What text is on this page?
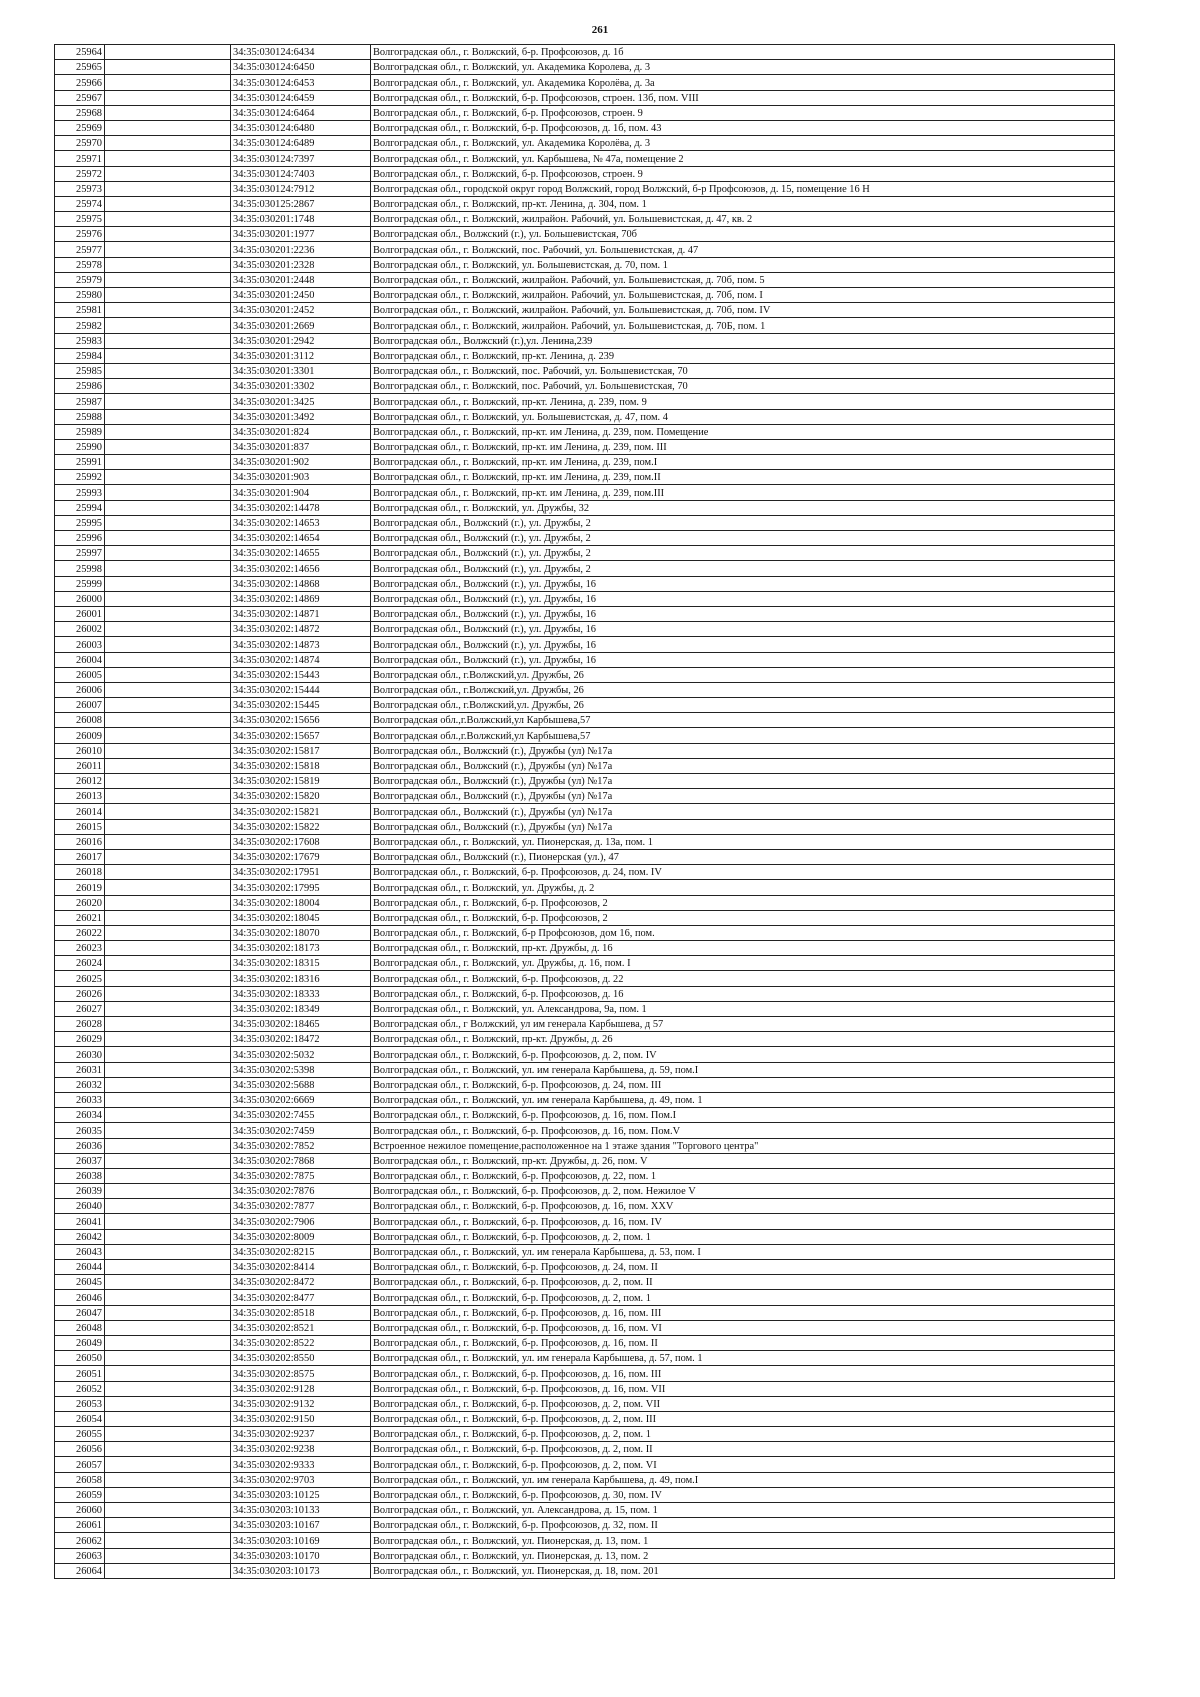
261
25964		34:35:030124:6434	Волгоградская обл., г. Волжский, б-р. Профсоюзов, д. 1б
25965		34:35:030124:6450	Волгоградская обл., г. Волжский, ул. Академика Королева, д. 3
25966		34:35:030124:6453	Волгоградская обл., г. Волжский, ул. Академика Королёва, д. 3а
25967		34:35:030124:6459	Волгоградская обл., г. Волжский, б-р. Профсоюзов, строен. 13б, пом. VIII
25968		34:35:030124:6464	Волгоградская обл., г. Волжский, б-р. Профсоюзов, строен. 9
25969		34:35:030124:6480	Волгоградская обл., г. Волжский, б-р. Профсоюзов, д. 1б, пом. 43
25970		34:35:030124:6489	Волгоградская обл., г. Волжский, ул. Академика Королёва, д. 3
25971		34:35:030124:7397	Волгоградская обл., г. Волжский, ул. Карбышева, № 47а, помещение 2
25972		34:35:030124:7403	Волгоградская обл., г. Волжский, б-р. Профсоюзов, строен. 9
25973		34:35:030124:7912	Волгоградская обл., городской округ город Волжский, город Волжский, б-р Профсоюзов, д. 15, помещение 16 Н
25974		34:35:030125:2867	Волгоградская обл., г. Волжский, пр-кт. Ленина, д. 304, пом. 1
25975		34:35:030201:1748	Волгоградская обл., г. Волжский, жилрайон. Рабочий, ул. Большевистская, д. 47, кв. 2
25976		34:35:030201:1977	Волгоградская обл., Волжский (г.), ул. Большевистская, 70б
25977		34:35:030201:2236	Волгоградская обл., г. Волжский, пос. Рабочий, ул. Большевистская, д. 47
25978		34:35:030201:2328	Волгоградская обл., г. Волжский, ул. Большевистская, д. 70, пом. 1
25979		34:35:030201:2448	Волгоградская обл., г. Волжский, жилрайон. Рабочий, ул. Большевистская, д. 70б, пом. 5
25980		34:35:030201:2450	Волгоградская обл., г. Волжский, жилрайон. Рабочий, ул. Большевистская, д. 70б, пом. I
25981		34:35:030201:2452	Волгоградская обл., г. Волжский, жилрайон. Рабочий, ул. Большевистская, д. 70б, пом. IV
25982		34:35:030201:2669	Волгоградская обл., г. Волжский, жилрайон. Рабочий, ул. Большевистская, д. 70Б, пом. 1
25983		34:35:030201:2942	Волгоградская обл., Волжский (г.),ул. Ленина,239
25984		34:35:030201:3112	Волгоградская обл., г. Волжский, пр-кт. Ленина, д. 239
25985		34:35:030201:3301	Волгоградская обл., г. Волжский, пос. Рабочий, ул. Большевистская, 70
25986		34:35:030201:3302	Волгоградская обл., г. Волжский, пос. Рабочий, ул. Большевистская, 70
25987		34:35:030201:3425	Волгоградская обл., г. Волжский, пр-кт. Ленина, д. 239, пом. 9
25988		34:35:030201:3492	Волгоградская обл., г. Волжский, ул. Большевистская, д. 47, пом. 4
25989		34:35:030201:824	Волгоградская обл., г. Волжский, пр-кт. им Ленина, д. 239, пом. Помещение
25990		34:35:030201:837	Волгоградская обл., г. Волжский, пр-кт. им Ленина, д. 239, пом. III
25991		34:35:030201:902	Волгоградская обл., г. Волжский, пр-кт. им Ленина, д. 239, пом.I
25992		34:35:030201:903	Волгоградская обл., г. Волжский, пр-кт. им Ленина, д. 239, пом.II
25993		34:35:030201:904	Волгоградская обл., г. Волжский, пр-кт. им Ленина, д. 239, пом.III
25994		34:35:030202:14478	Волгоградская обл., г. Волжский, ул. Дружбы, 32
25995		34:35:030202:14653	Волгоградская обл., Волжский (г.), ул. Дружбы, 2
25996		34:35:030202:14654	Волгоградская обл., Волжский (г.), ул. Дружбы, 2
25997		34:35:030202:14655	Волгоградская обл., Волжский (г.), ул. Дружбы, 2
25998		34:35:030202:14656	Волгоградская обл., Волжский (г.), ул. Дружбы, 2
25999		34:35:030202:14868	Волгоградская обл., Волжский (г.), ул. Дружбы, 16
26000		34:35:030202:14869	Волгоградская обл., Волжский (г.), ул. Дружбы, 16
26001		34:35:030202:14871	Волгоградская обл., Волжский (г.), ул. Дружбы, 16
26002		34:35:030202:14872	Волгоградская обл., Волжский (г.), ул. Дружбы, 16
26003		34:35:030202:14873	Волгоградская обл., Волжский (г.), ул. Дружбы, 16
26004		34:35:030202:14874	Волгоградская обл., Волжский (г.), ул. Дружбы, 16
26005		34:35:030202:15443	Волгоградская обл., г.Волжский,ул. Дружбы, 26
26006		34:35:030202:15444	Волгоградская обл., г.Волжский,ул. Дружбы, 26
26007		34:35:030202:15445	Волгоградская обл., г.Волжский,ул. Дружбы, 26
26008		34:35:030202:15656	Волгоградская обл.,г.Волжский,ул Карбышева,57
26009		34:35:030202:15657	Волгоградская обл.,г.Волжский,ул Карбышева,57
26010		34:35:030202:15817	Волгоградская обл., Волжский (г.), Дружбы (ул) №17а
26011		34:35:030202:15818	Волгоградская обл., Волжский (г.), Дружбы (ул) №17а
26012		34:35:030202:15819	Волгоградская обл., Волжский (г.), Дружбы (ул) №17а
26013		34:35:030202:15820	Волгоградская обл., Волжский (г.), Дружбы (ул) №17а
26014		34:35:030202:15821	Волгоградская обл., Волжский (г.), Дружбы (ул) №17а
26015		34:35:030202:15822	Волгоградская обл., Волжский (г.), Дружбы (ул) №17а
26016		34:35:030202:17608	Волгоградская обл., г. Волжский, ул. Пионерская, д. 13а, пом. 1
26017		34:35:030202:17679	Волгоградская обл., Волжский (г.), Пионерская (ул.), 47
26018		34:35:030202:17951	Волгоградская обл., г. Волжский, б-р. Профсоюзов, д. 24, пом. IV
26019		34:35:030202:17995	Волгоградская обл., г. Волжский, ул. Дружбы, д. 2
26020		34:35:030202:18004	Волгоградская обл., г. Волжский, б-р. Профсоюзов, 2
26021		34:35:030202:18045	Волгоградская обл., г. Волжский, б-р. Профсоюзов, 2
26022		34:35:030202:18070	Волгоградская обл., г. Волжский, б-р Профсоюзов, дом 16, пом.
26023		34:35:030202:18173	Волгоградская обл., г. Волжский, пр-кт. Дружбы, д. 16
26024		34:35:030202:18315	Волгоградская обл., г. Волжский, ул. Дружбы, д. 16, пом. I
26025		34:35:030202:18316	Волгоградская обл., г. Волжский, б-р. Профсоюзов, д. 22
26026		34:35:030202:18333	Волгоградская обл., г. Волжский, б-р. Профсоюзов, д. 16
26027		34:35:030202:18349	Волгоградская обл., г. Волжский, ул. Александрова, 9а, пом. 1
26028		34:35:030202:18465	Волгоградская обл., г Волжский, ул им генерала Карбышева, д 57
26029		34:35:030202:18472	Волгоградская обл., г. Волжский, пр-кт. Дружбы, д. 26
26030		34:35:030202:5032	Волгоградская обл., г. Волжский, б-р. Профсоюзов, д. 2, пом. IV
26031		34:35:030202:5398	Волгоградская обл., г. Волжский, ул. им генерала Карбышева, д. 59, пом.I
26032		34:35:030202:5688	Волгоградская обл., г. Волжский, б-р. Профсоюзов, д. 24, пом. III
26033		34:35:030202:6669	Волгоградская обл., г. Волжский, ул. им генерала Карбышева, д. 49, пом. 1
26034		34:35:030202:7455	Волгоградская обл., г. Волжский, б-р. Профсоюзов, д. 16, пом. Пом.I
26035		34:35:030202:7459	Волгоградская обл., г. Волжский, б-р. Профсоюзов, д. 16, пом. Пом.V
26036		34:35:030202:7852	Встроенное нежилое помещение,расположенное на 1 этаже здания "Торгового центра"
26037		34:35:030202:7868	Волгоградская обл., г. Волжский, пр-кт. Дружбы, д. 26, пом. V
26038		34:35:030202:7875	Волгоградская обл., г. Волжский, б-р. Профсоюзов, д. 22, пом. 1
26039		34:35:030202:7876	Волгоградская обл., г. Волжский, б-р. Профсоюзов, д. 2, пом. Нежилое V
26040		34:35:030202:7877	Волгоградская обл., г. Волжский, б-р. Профсоюзов, д. 16, пом. XXV
26041		34:35:030202:7906	Волгоградская обл., г. Волжский, б-р. Профсоюзов, д. 16, пом. IV
26042		34:35:030202:8009	Волгоградская обл., г. Волжский, б-р. Профсоюзов, д. 2, пом. 1
26043		34:35:030202:8215	Волгоградская обл., г. Волжский, ул. им генерала Карбышева, д. 53, пом. I
26044		34:35:030202:8414	Волгоградская обл., г. Волжский, б-р. Профсоюзов, д. 24, пом. II
26045		34:35:030202:8472	Волгоградская обл., г. Волжский, б-р. Профсоюзов, д. 2, пом. II
26046		34:35:030202:8477	Волгоградская обл., г. Волжский, б-р. Профсоюзов, д. 2, пом. 1
26047		34:35:030202:8518	Волгоградская обл., г. Волжский, б-р. Профсоюзов, д. 16, пом. III
26048		34:35:030202:8521	Волгоградская обл., г. Волжский, б-р. Профсоюзов, д. 16, пом. VI
26049		34:35:030202:8522	Волгоградская обл., г. Волжский, б-р. Профсоюзов, д. 16, пом. II
26050		34:35:030202:8550	Волгоградская обл., г. Волжский, ул. им генерала Карбышева, д. 57, пом. 1
26051		34:35:030202:8575	Волгоградская обл., г. Волжский, б-р. Профсоюзов, д. 16, пом. III
26052		34:35:030202:9128	Волгоградская обл., г. Волжский, б-р. Профсоюзов, д. 16, пом. VII
26053		34:35:030202:9132	Волгоградская обл., г. Волжский, б-р. Профсоюзов, д. 2, пом. VII
26054		34:35:030202:9150	Волгоградская обл., г. Волжский, б-р. Профсоюзов, д. 2, пом. III
26055		34:35:030202:9237	Волгоградская обл., г. Волжский, б-р. Профсоюзов, д. 2, пом. 1
26056		34:35:030202:9238	Волгоградская обл., г. Волжский, б-р. Профсоюзов, д. 2, пом. II
26057		34:35:030202:9333	Волгоградская обл., г. Волжский, б-р. Профсоюзов, д. 2, пом. VI
26058		34:35:030202:9703	Волгоградская обл., г. Волжский, ул. им генерала Карбышева, д. 49, пом.I
26059		34:35:030203:10125	Волгоградская обл., г. Волжский, б-р. Профсоюзов, д. 30, пом. IV
26060		34:35:030203:10133	Волгоградская обл., г. Волжский, ул. Александрова, д. 15, пом. 1
26061		34:35:030203:10167	Волгоградская обл., г. Волжский, б-р. Профсоюзов, д. 32, пом. II
26062		34:35:030203:10169	Волгоградская обл., г. Волжский, ул. Пионерская, д. 13, пом. 1
26063		34:35:030203:10170	Волгоградская обл., г. Волжский, ул. Пионерская, д. 13, пом. 2
26064		34:35:030203:10173	Волгоградская обл., г. Волжский, ул. Пионерская, д. 18, пом. 201
